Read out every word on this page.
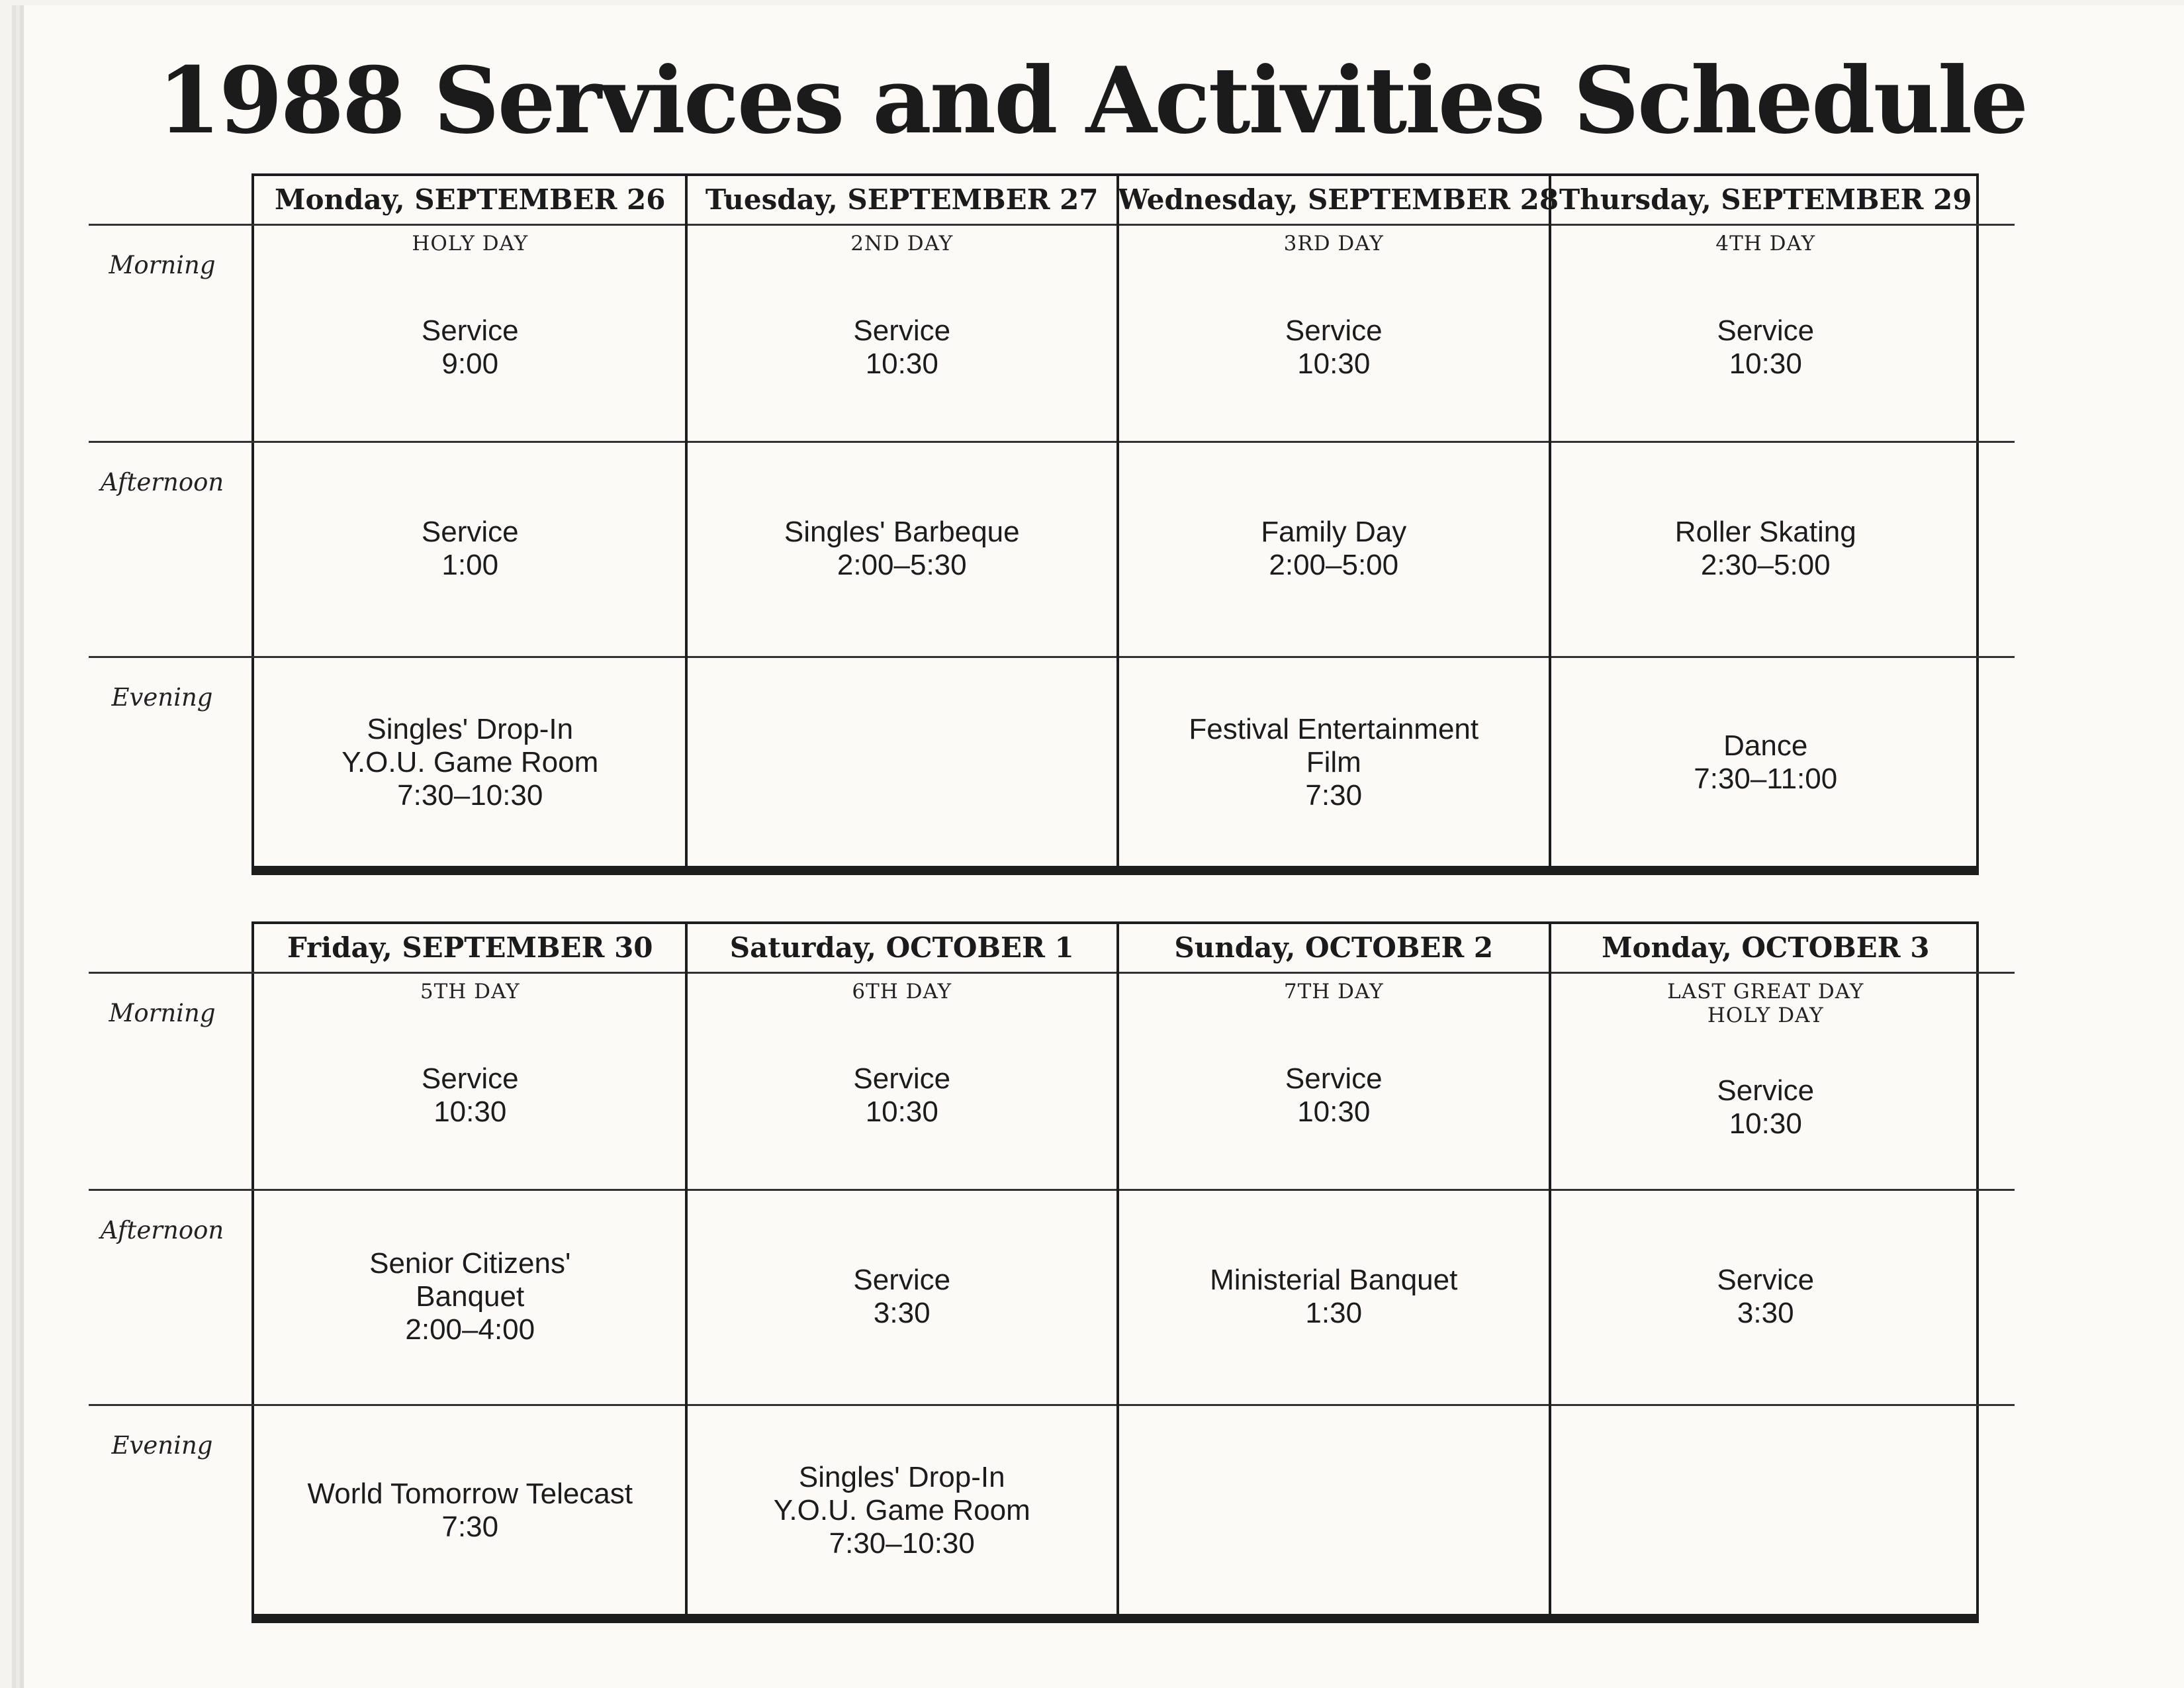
1988 Services and Activities Schedule
Monday, SEPTEMBER 26
HOLY DAY
Service
9:00
Service
1:00
Singles' Drop-In
Y.O.U. Game Room
7:30–10:30
Tuesday, SEPTEMBER 27
2ND DAY
Service
10:30
Singles' Barbeque
2:00–5:30
Wednesday, SEPTEMBER 28
3RD DAY
Service
10:30
Family Day
2:00–5:00
Festival Entertainment
Film
7:30
Thursday, SEPTEMBER 29
4TH DAY
Service
10:30
Roller Skating
2:30–5:00
Dance
7:30–11:00
Morning
Afternoon
Evening
Friday, SEPTEMBER 30
5TH DAY
Service
10:30
Senior Citizens'
Banquet
2:00–4:00
World Tomorrow Telecast
7:30
Saturday, OCTOBER 1
6TH DAY
Service
10:30
Service
3:30
Singles' Drop-In
Y.O.U. Game Room
7:30–10:30
Sunday, OCTOBER 2
7TH DAY
Service
10:30
Ministerial Banquet
1:30
Monday, OCTOBER 3
LAST GREAT DAY
HOLY DAY
Service
10:30
Service
3:30
Morning
Afternoon
Evening
